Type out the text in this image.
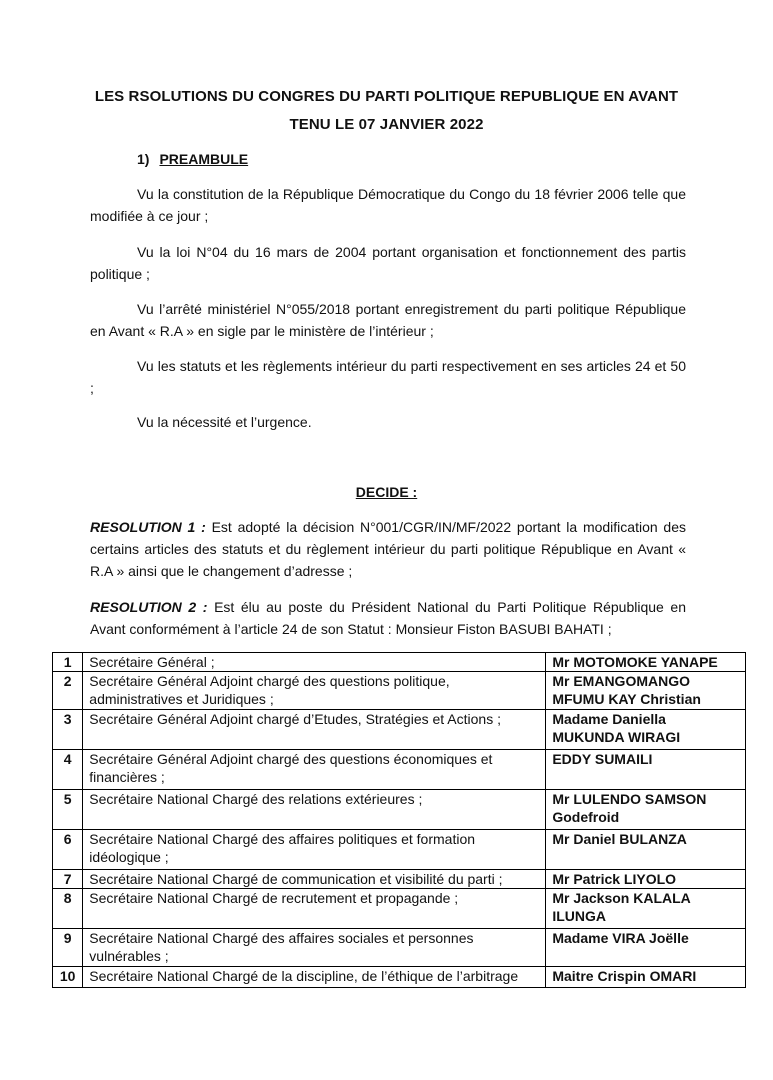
LES RSOLUTIONS DU CONGRES DU PARTI POLITIQUE REPUBLIQUE EN AVANT
TENU LE 07 JANVIER 2022
1) PREAMBULE
Vu la constitution de la République Démocratique du Congo du 18 février 2006 telle que modifiée à ce jour ;
Vu la loi N°04 du 16 mars de 2004 portant organisation et fonctionnement des partis politique ;
Vu l’arrêté ministériel N°055/2018 portant enregistrement du parti politique République en Avant « R.A » en sigle par le ministère de l’intérieur ;
Vu les statuts et les règlements intérieur du parti respectivement en ses articles 24 et 50 ;
Vu la nécessité et l’urgence.
DECIDE :
RESOLUTION 1 : Est adopté la décision N°001/CGR/IN/MF/2022 portant la modification des certains articles des statuts et du règlement intérieur du parti politique République en Avant « R.A » ainsi que le changement d’adresse ;
RESOLUTION 2 : Est élu au poste du Président National du Parti Politique République en Avant conformément à l’article 24 de son Statut : Monsieur Fiston BASUBI BAHATI ;
1	Secrétaire Général ;	Mr MOTOMOKE YANAPE
2	Secrétaire Général Adjoint chargé des questions politique, administratives et Juridiques ;	Mr EMANGOMANGO MFUMU KAY Christian
3	Secrétaire Général Adjoint chargé d’Etudes, Stratégies et Actions ;	Madame Daniella MUKUNDA WIRAGI
4	Secrétaire Général Adjoint chargé des questions économiques et financières ;	EDDY SUMAILI
5	Secrétaire National Chargé des relations extérieures ;	Mr LULENDO SAMSON Godefroid
6	Secrétaire National Chargé des affaires politiques et formation idéologique ;	Mr Daniel BULANZA
7	Secrétaire National Chargé de communication et visibilité du parti ;	Mr Patrick LIYOLO
8	Secrétaire National Chargé de recrutement et propagande ;	Mr Jackson KALALA ILUNGA
9	Secrétaire National Chargé des affaires sociales et personnes vulnérables ;	Madame VIRA Joëlle
10	Secrétaire National Chargé de la discipline, de l’éthique de l’arbitrage	Maitre Crispin OMARI
